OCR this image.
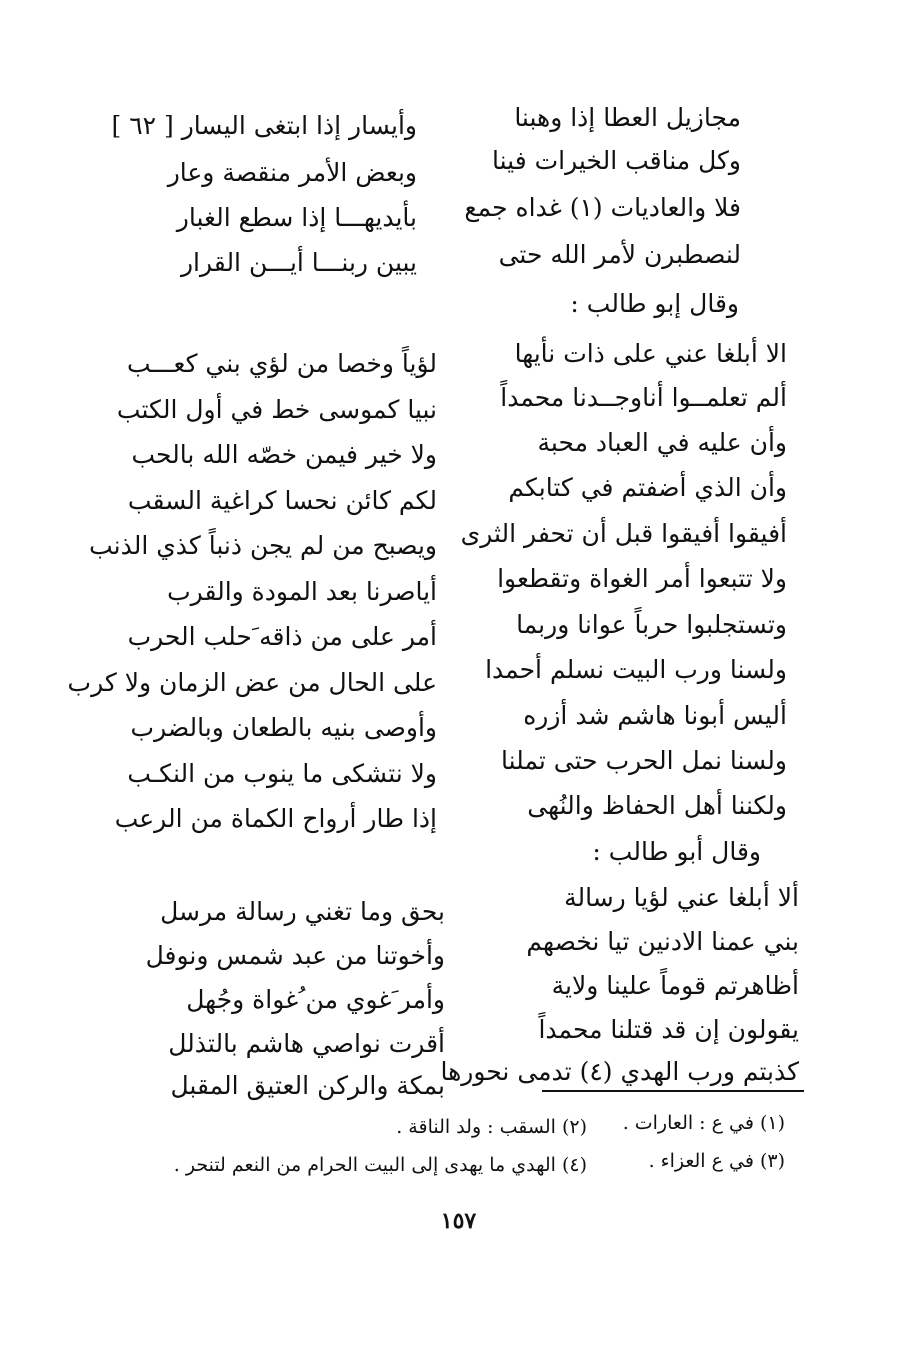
مجازيل العطا إذا وهبنا
وكل مناقب الخيرات فينا
فلا والعاديات (١) غداه جمع
لنصطبرن لأمر الله حتى
وأيسار إذا ابتغى اليسار [ ٦٢ ]
وبعض الأمر منقصة وعار
بأيديهـــا إذا سطع الغبار
يبين ربنـــا أيـــن القرار
وقال إبو طالب :
الا أبلغا عني على ذات نأيها
ألم تعلمــوا أناوجــدنا محمداً
وأن عليه في العباد محبة
وأن الذي أضفتم في كتابكم
أفيقوا أفيقوا قبل أن تحفر الثرى
ولا تتبعوا أمر الغواة وتقطعوا
وتستجلبوا حرباً عوانا وربما
ولسنا ورب البيت نسلم أحمدا
أليس أبونا هاشم شد أزره
ولسنا نمل الحرب حتى تملنا
ولكننا أهل الحفاظ والنُهى
لؤياً وخصا من لؤي بني كعـــب
نبيا كموسى خط في أول الكتب
ولا خير فيمن خصّه الله بالحب
لكم كائن نحسا كراغية السقب
ويصبح من لم يجن ذنباً كذي الذنب
أياصرنا بعد المودة والقرب
أمر على من ذاقه َحلب الحرب
على الحال من عض الزمان ولا كرب
وأوصى بنيه بالطعان وبالضرب
ولا نتشكى ما ينوب من النكـب
إذا طار أرواح الكماة من الرعب
وقال أبو طالب :
ألا أبلغا عني لؤيا رسالة
بني عمنا الادنين تيا نخصهم
أظاهرتم قوماً علينا ولاية
يقولون إن قد قتلنا محمداً
كذبتم ورب الهدي (٤) تدمى نحورها
بحق وما تغني رسالة مرسل
وأخوتنا من عبد شمس ونوفل
وأمر َغوي من ُغواة وجُهل
أقرت نواصي هاشم بالتذلل
بمكة والركن العتيق المقبل
(١) في ع : العارات .
(٢) السقب : ولد الناقة .
(٣) في ع العزاء .
(٤) الهدي ما يهدى إلى البيت الحرام من النعم لتنحر .
١٥٧
